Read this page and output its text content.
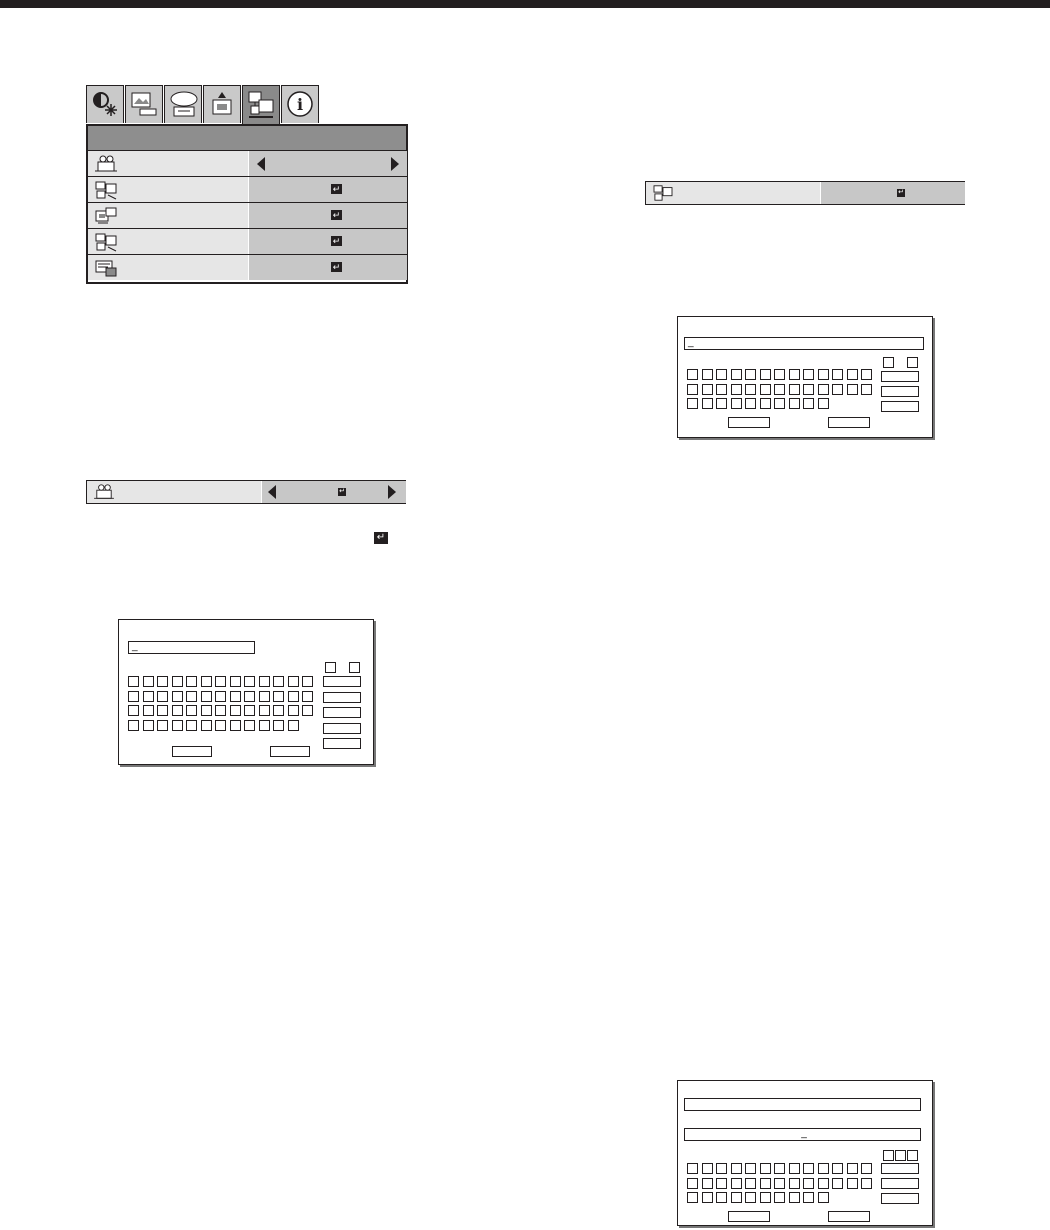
i
↵
↵
↵
↵
↵
↵
↵
_
_
_
